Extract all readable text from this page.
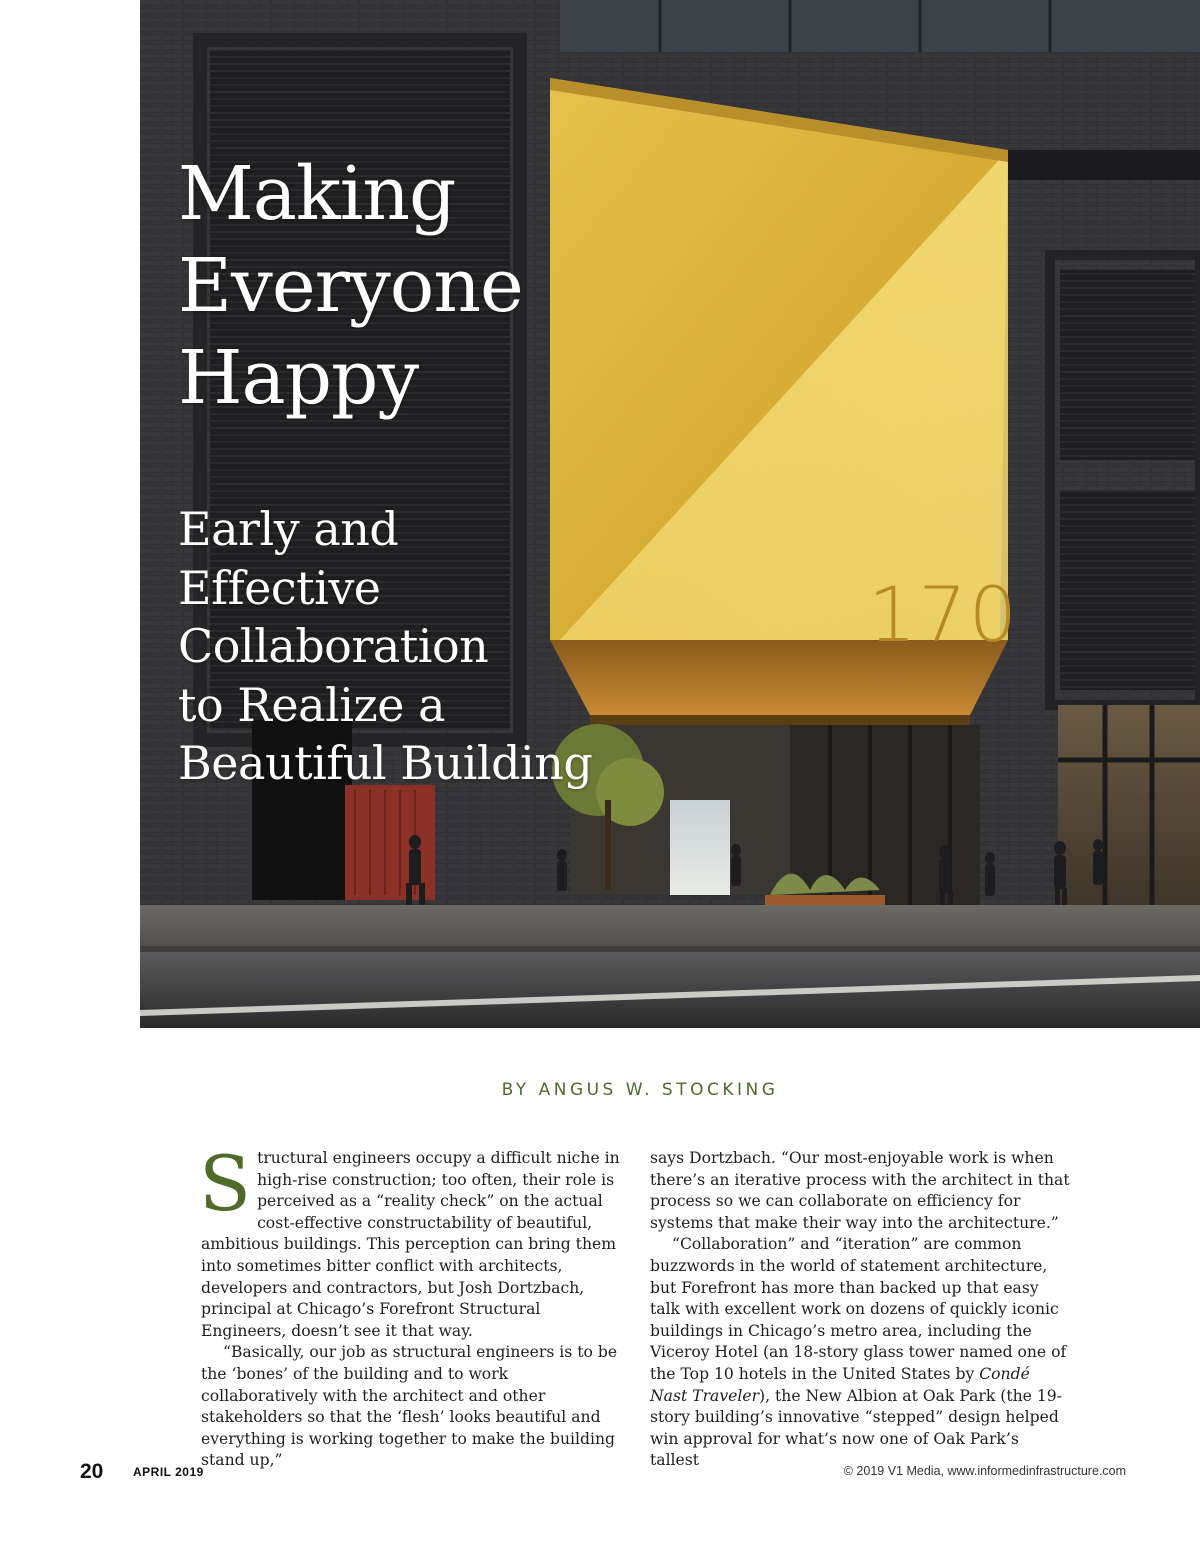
170
Making
Everyone
Happy
Early and
Effective
Collaboration
to Realize a
Beautiful Building
BY ANGUS W. STOCKING

Structural engineers occupy a difficult niche in high-rise construction; too often, their role is perceived as a “reality check” on the actual cost-effective constructability of beautiful, ambitious buildings. This perception can bring them into sometimes bitter conflict with architects, developers and contractors, but Josh Dortzbach, principal at Chicago’s Forefront Structural Engineers, doesn’t see it that way.

“Basically, our job as structural engineers is to be the ‘bones’ of the building and to work collaboratively with the architect and other stakeholders so that the ‘flesh’ looks beautiful and everything is working together to make the building stand up,”

says Dortzbach. “Our most-enjoyable work is when there’s an iterative process with the architect in that process so we can collaborate on efficiency for systems that make their way into the architecture.”

“Collaboration” and “iteration” are common buzzwords in the world of statement architecture, but Forefront has more than backed up that easy talk with excellent work on dozens of quickly iconic buildings in Chicago’s metro area, including the Viceroy Hotel (an 18-story glass tower named one of the Top 10 hotels in the United States by Condé Nast Traveler), the New Albion at Oak Park (the 19-story building’s innovative “stepped” design helped win approval for what’s now one of Oak Park’s tallest

20 APRIL 2019	© 2019 V1 Media, www.informedinfrastructure.com
